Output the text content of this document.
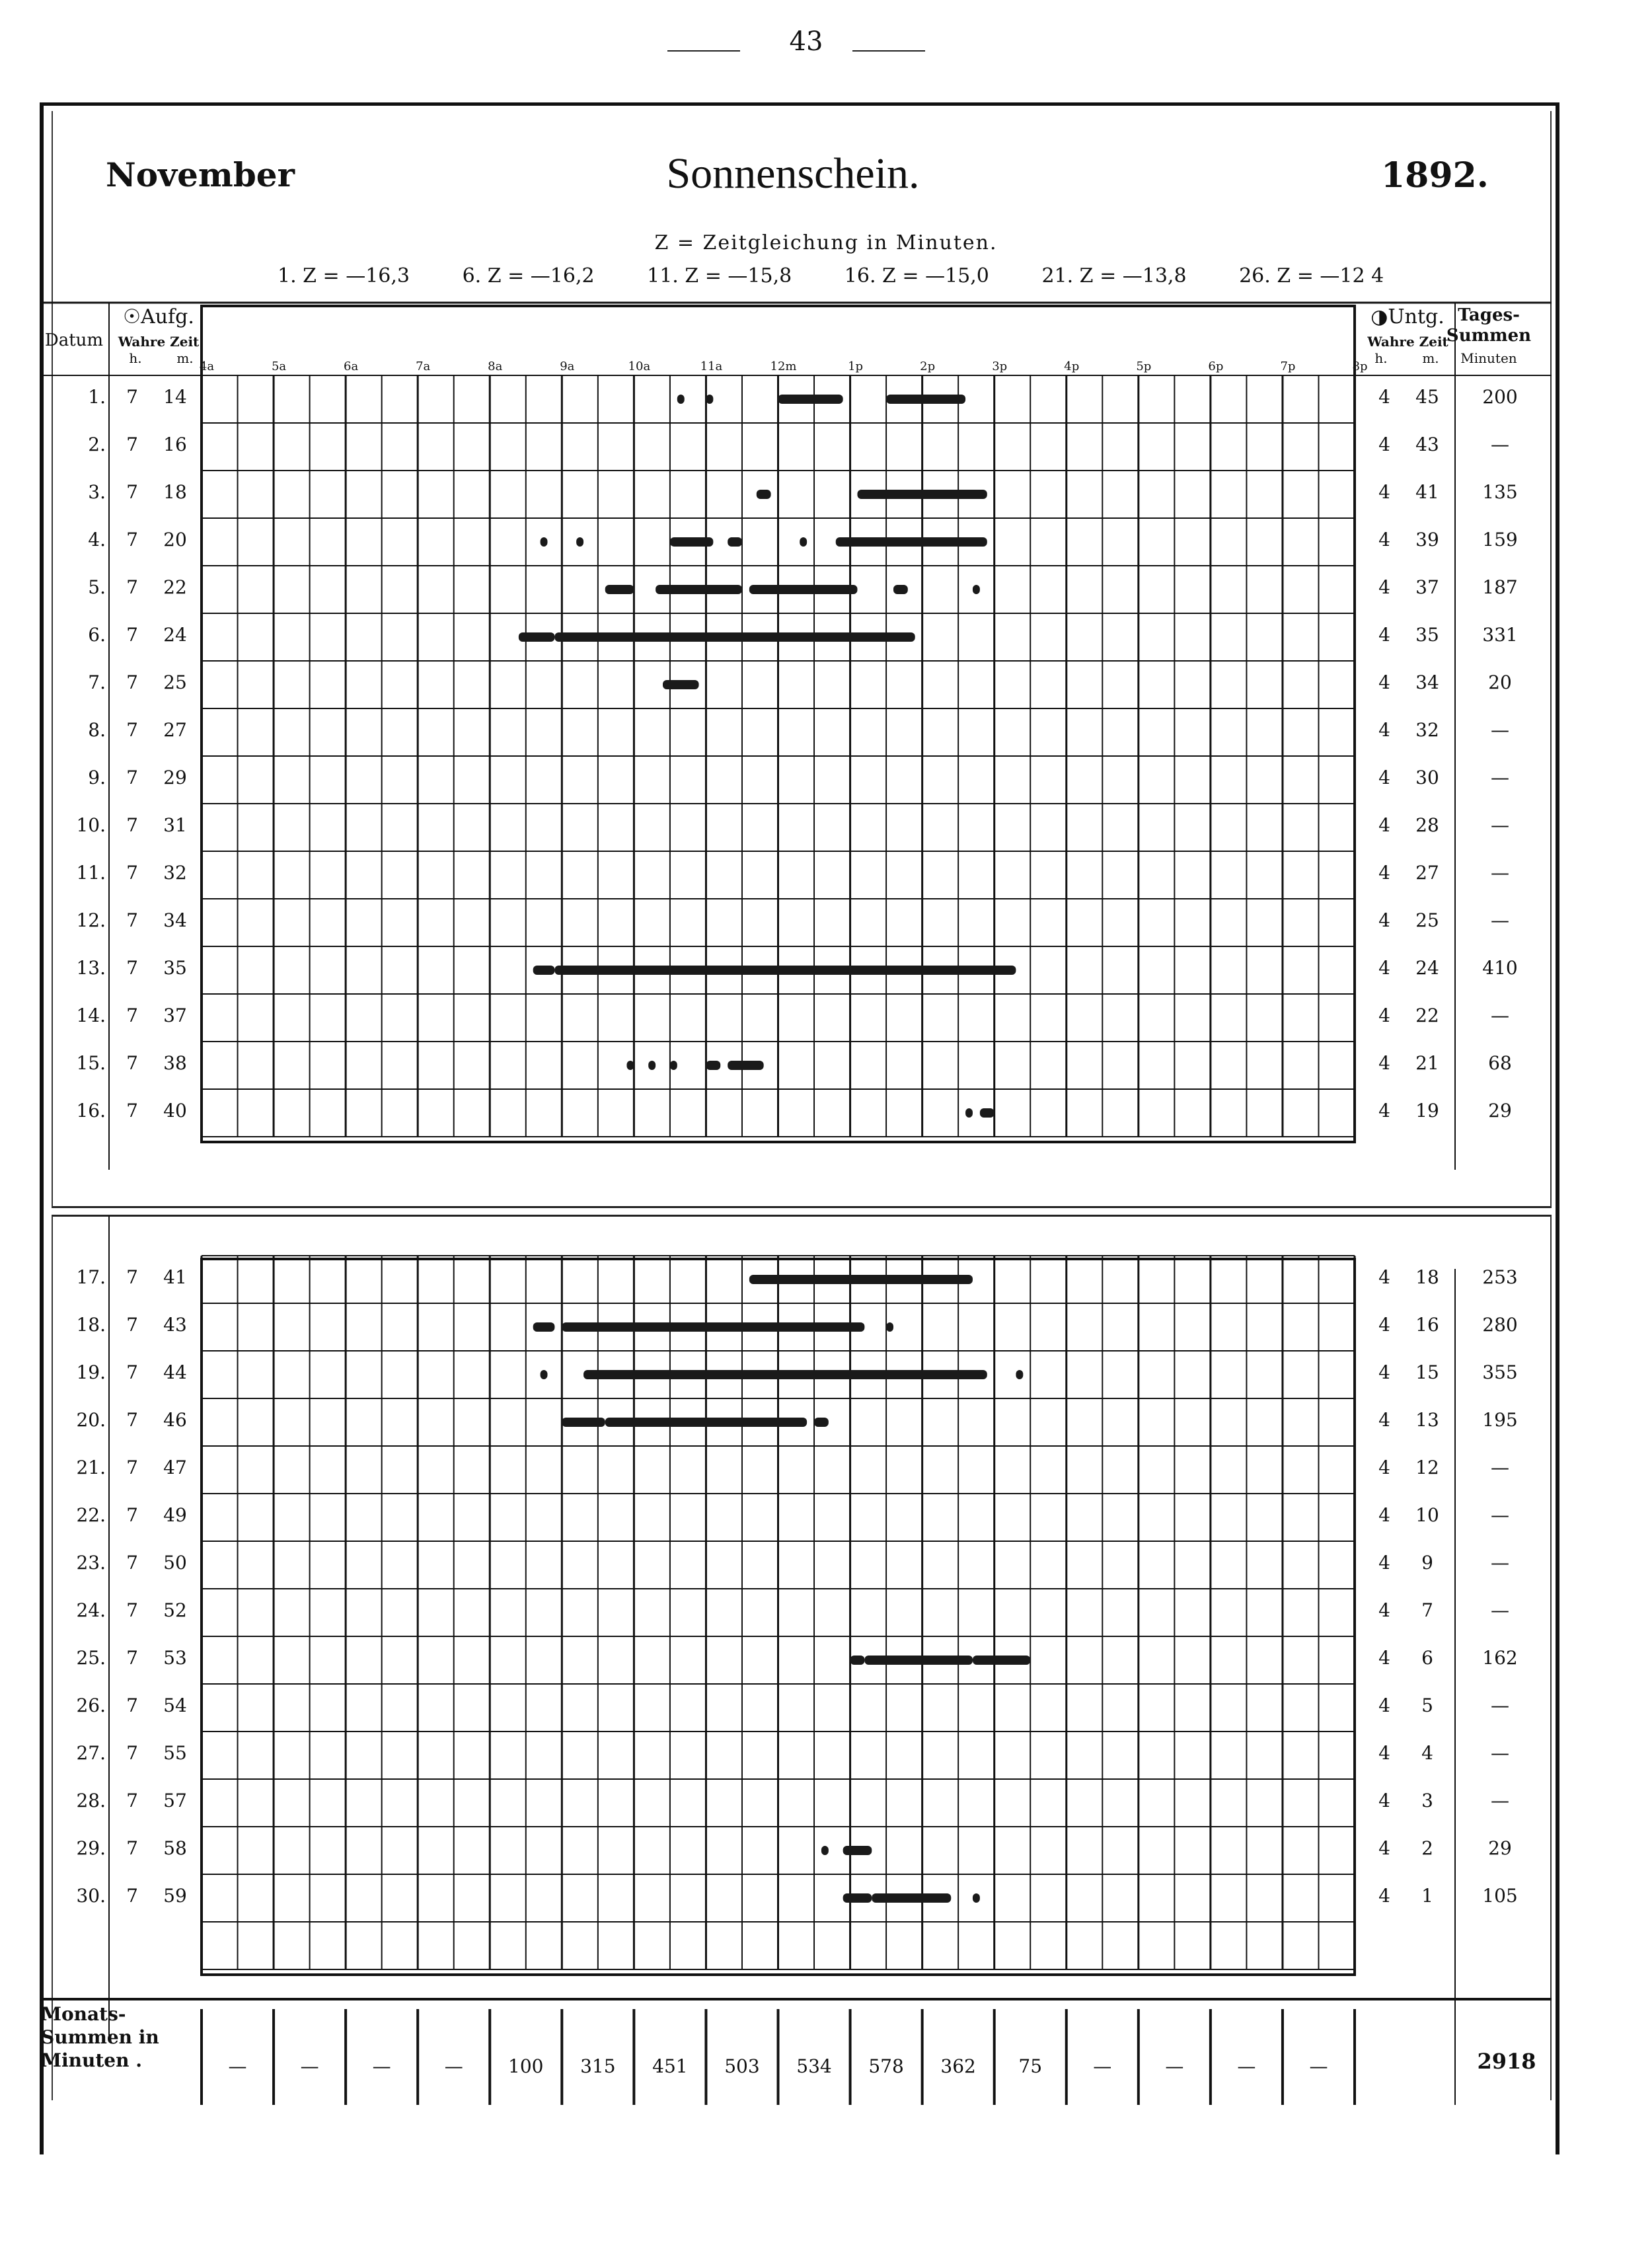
43
November	Sonnenschein.	1892.
Z = Zeitgleichung in Minuten.
1. Z = —16,3	6. Z = —16,2	11. Z = —15,8	16. Z = —15,0	21. Z = —13,8	26. Z = —12 4
Datum
☉Aufg.
Wahre Zeit
h.	m.
◑Untg.
Wahre Zeit
h.	m.
Tages-Summen
Minuten
4a	5a	6a	7a	8a	9a	10a	11a	12m	1p	2p	3p	4p	5p	6p	7p	8p
1.	7	14	4	45	200
2.	7	16	4	43	—
3.	7	18	4	41	135
4.	7	20	4	39	159
5.	7	22	4	37	187
6.	7	24	4	35	331
7.	7	25	4	34	20
8.	7	27	4	32	—
9.	7	29	4	30	—
10.	7	31	4	28	—
11.	7	32	4	27	—
12.	7	34	4	25	—
13.	7	35	4	24	410
14.	7	37	4	22	—
15.	7	38	4	21	68
16.	7	40	4	19	29
17.	7	41	4	18	253
18.	7	43	4	16	280
19.	7	44	4	15	355
20.	7	46	4	13	195
21.	7	47	4	12	—
22.	7	49	4	10	—
23.	7	50	4	9	—
24.	7	52	4	7	—
25.	7	53	4	6	162
26.	7	54	4	5	—
27.	7	55	4	4	—
28.	7	57	4	3	—
29.	7	58	4	2	29
30.	7	59	4	1	105
Monats-Summen in Minuten .	—	—	—	—	100	315	451	503	534	578	362	75	—	—	—	—	2918
